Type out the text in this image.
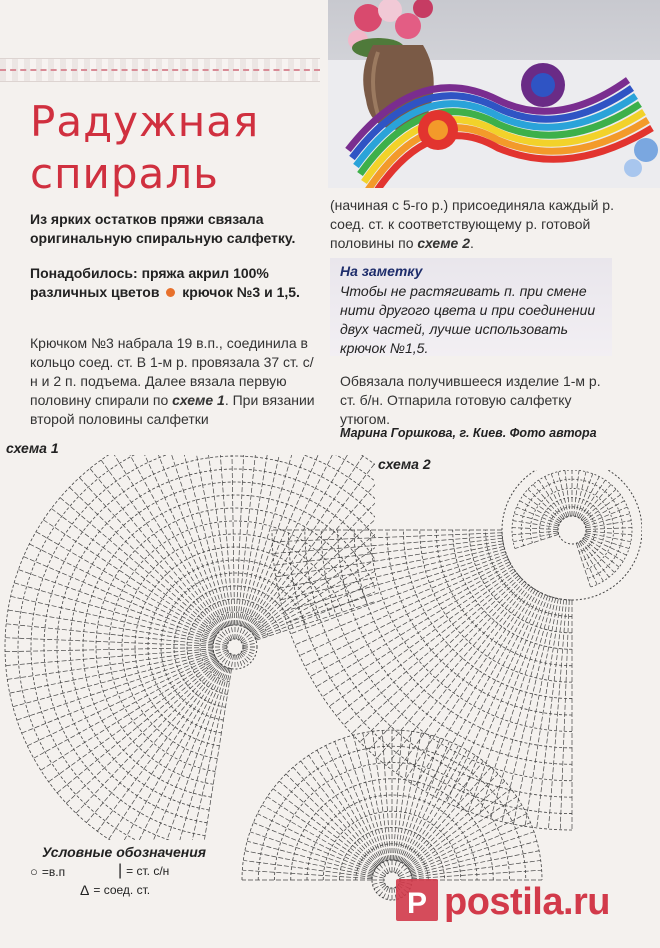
Радужная
спираль
Из ярких остатков пряжи связала оригинальную спиральную салфетку.
Понадобилось: пряжа акрил 100% различных цветов крючок №3 и 1,5.
Крючком №3 набрала 19 в.п., соединила в кольцо соед. ст. В 1-м р. провязала 37 ст. с/н и 2 п. подъема. Далее вязала первую половину спирали по схеме 1. При вязании второй половины салфетки
(начиная с 5-го р.) присоединяла каждый р. соед. ст. к соответствующему р. готовой половины по схеме 2.
На заметку
Чтобы не растягивать п. при смене нити другого цвета и при соединении двух частей, лучше использовать крючок №1,5.
Обвязала получившееся изделие 1-м р. ст. б/н. Отпарила готовую салфетку утюгом.
Марина Горшкова, г. Киев. Фото автора
схема 1
схема 2
Условные обозначения
○ =в.п	| = ст. с/н
Δ = соед. ст.	P postila.ru
